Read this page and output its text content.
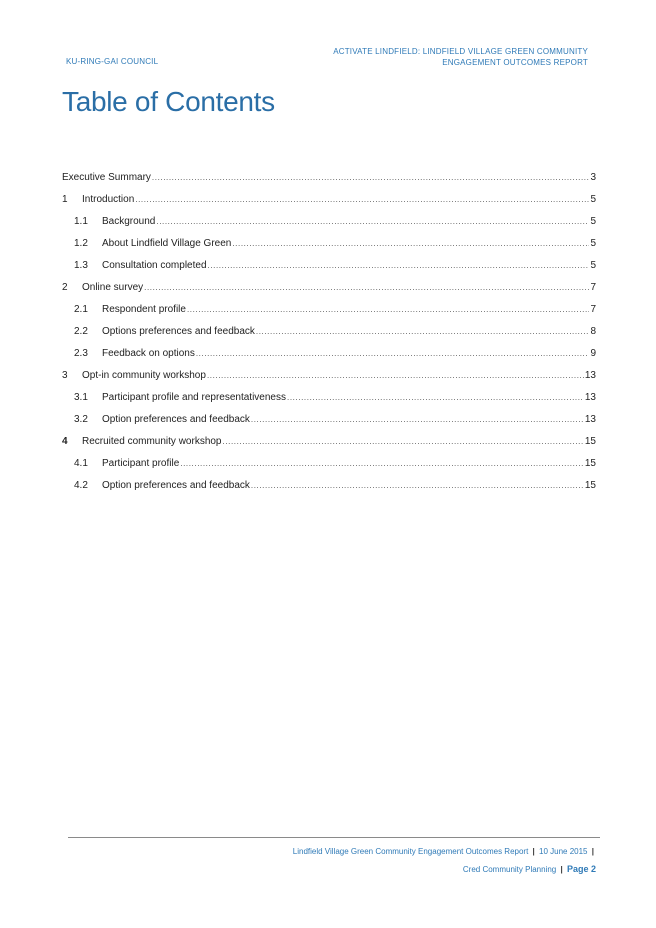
KU-RING-GAI COUNCIL
ACTIVATE LINDFIELD: LINDFIELD VILLAGE GREEN COMMUNITY
ENGAGEMENT OUTCOMES REPORT
Table of Contents
Executive Summary .....	3
1	Introduction .....	5
1.1	Background .....	5
1.2	About Lindfield Village Green .....	5
1.3	Consultation completed .....	5
2	Online survey .....	7
2.1	Respondent profile .....	7
2.2	Options preferences and feedback .....	8
2.3	Feedback on options .....	9
3	Opt-in community workshop .....	13
3.1	Participant profile and representativeness .....	13
3.2	Option preferences and feedback .....	13
4	Recruited community workshop .....	15
4.1	Participant profile .....	15
4.2	Option preferences and feedback .....	15
Lindfield Village Green Community Engagement Outcomes Report | 10 June 2015 |
Cred Community Planning | Page 2
